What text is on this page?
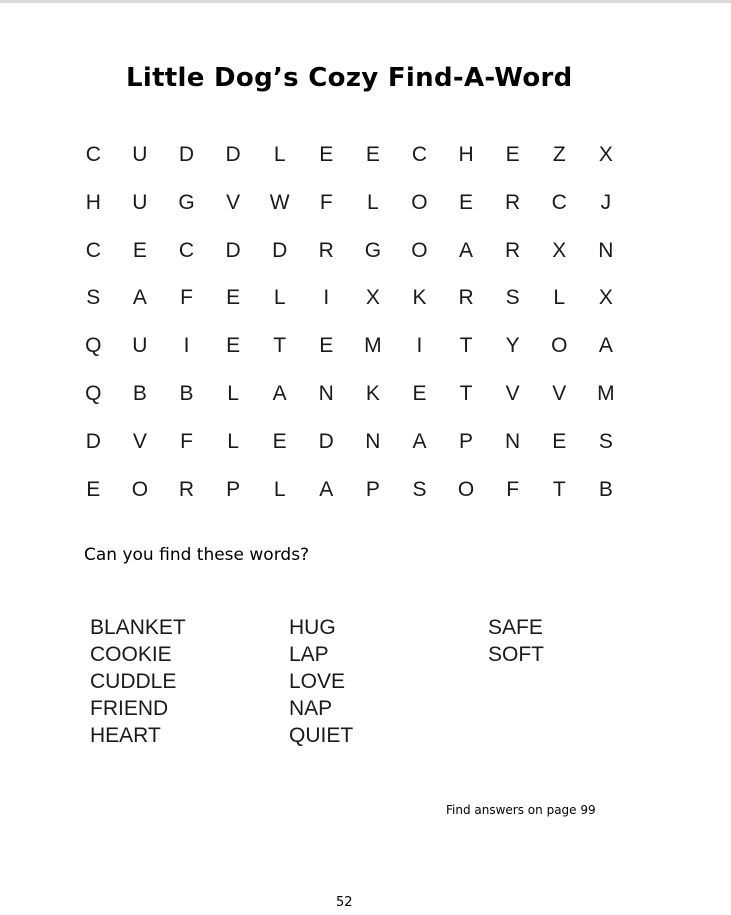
Little Dog’s Cozy Find-A-Word
C	U	D	D	L	E	E	C	H	E	Z	X
H	U	G	V	W	F	L	O	E	R	C	J
C	E	C	D	D	R	G	O	A	R	X	N
S	A	F	E	L	I	X	K	R	S	L	X
Q	U	I	E	T	E	M	I	T	Y	O	A
Q	B	B	L	A	N	K	E	T	V	V	M
D	V	F	L	E	D	N	A	P	N	E	S
E	O	R	P	L	A	P	S	O	F	T	B
Can you find these words?
BLANKET
COOKIE
CUDDLE
FRIEND
HEART
HUG
LAP
LOVE
NAP
QUIET
SAFE
SOFT
Find answers on page 99
52
